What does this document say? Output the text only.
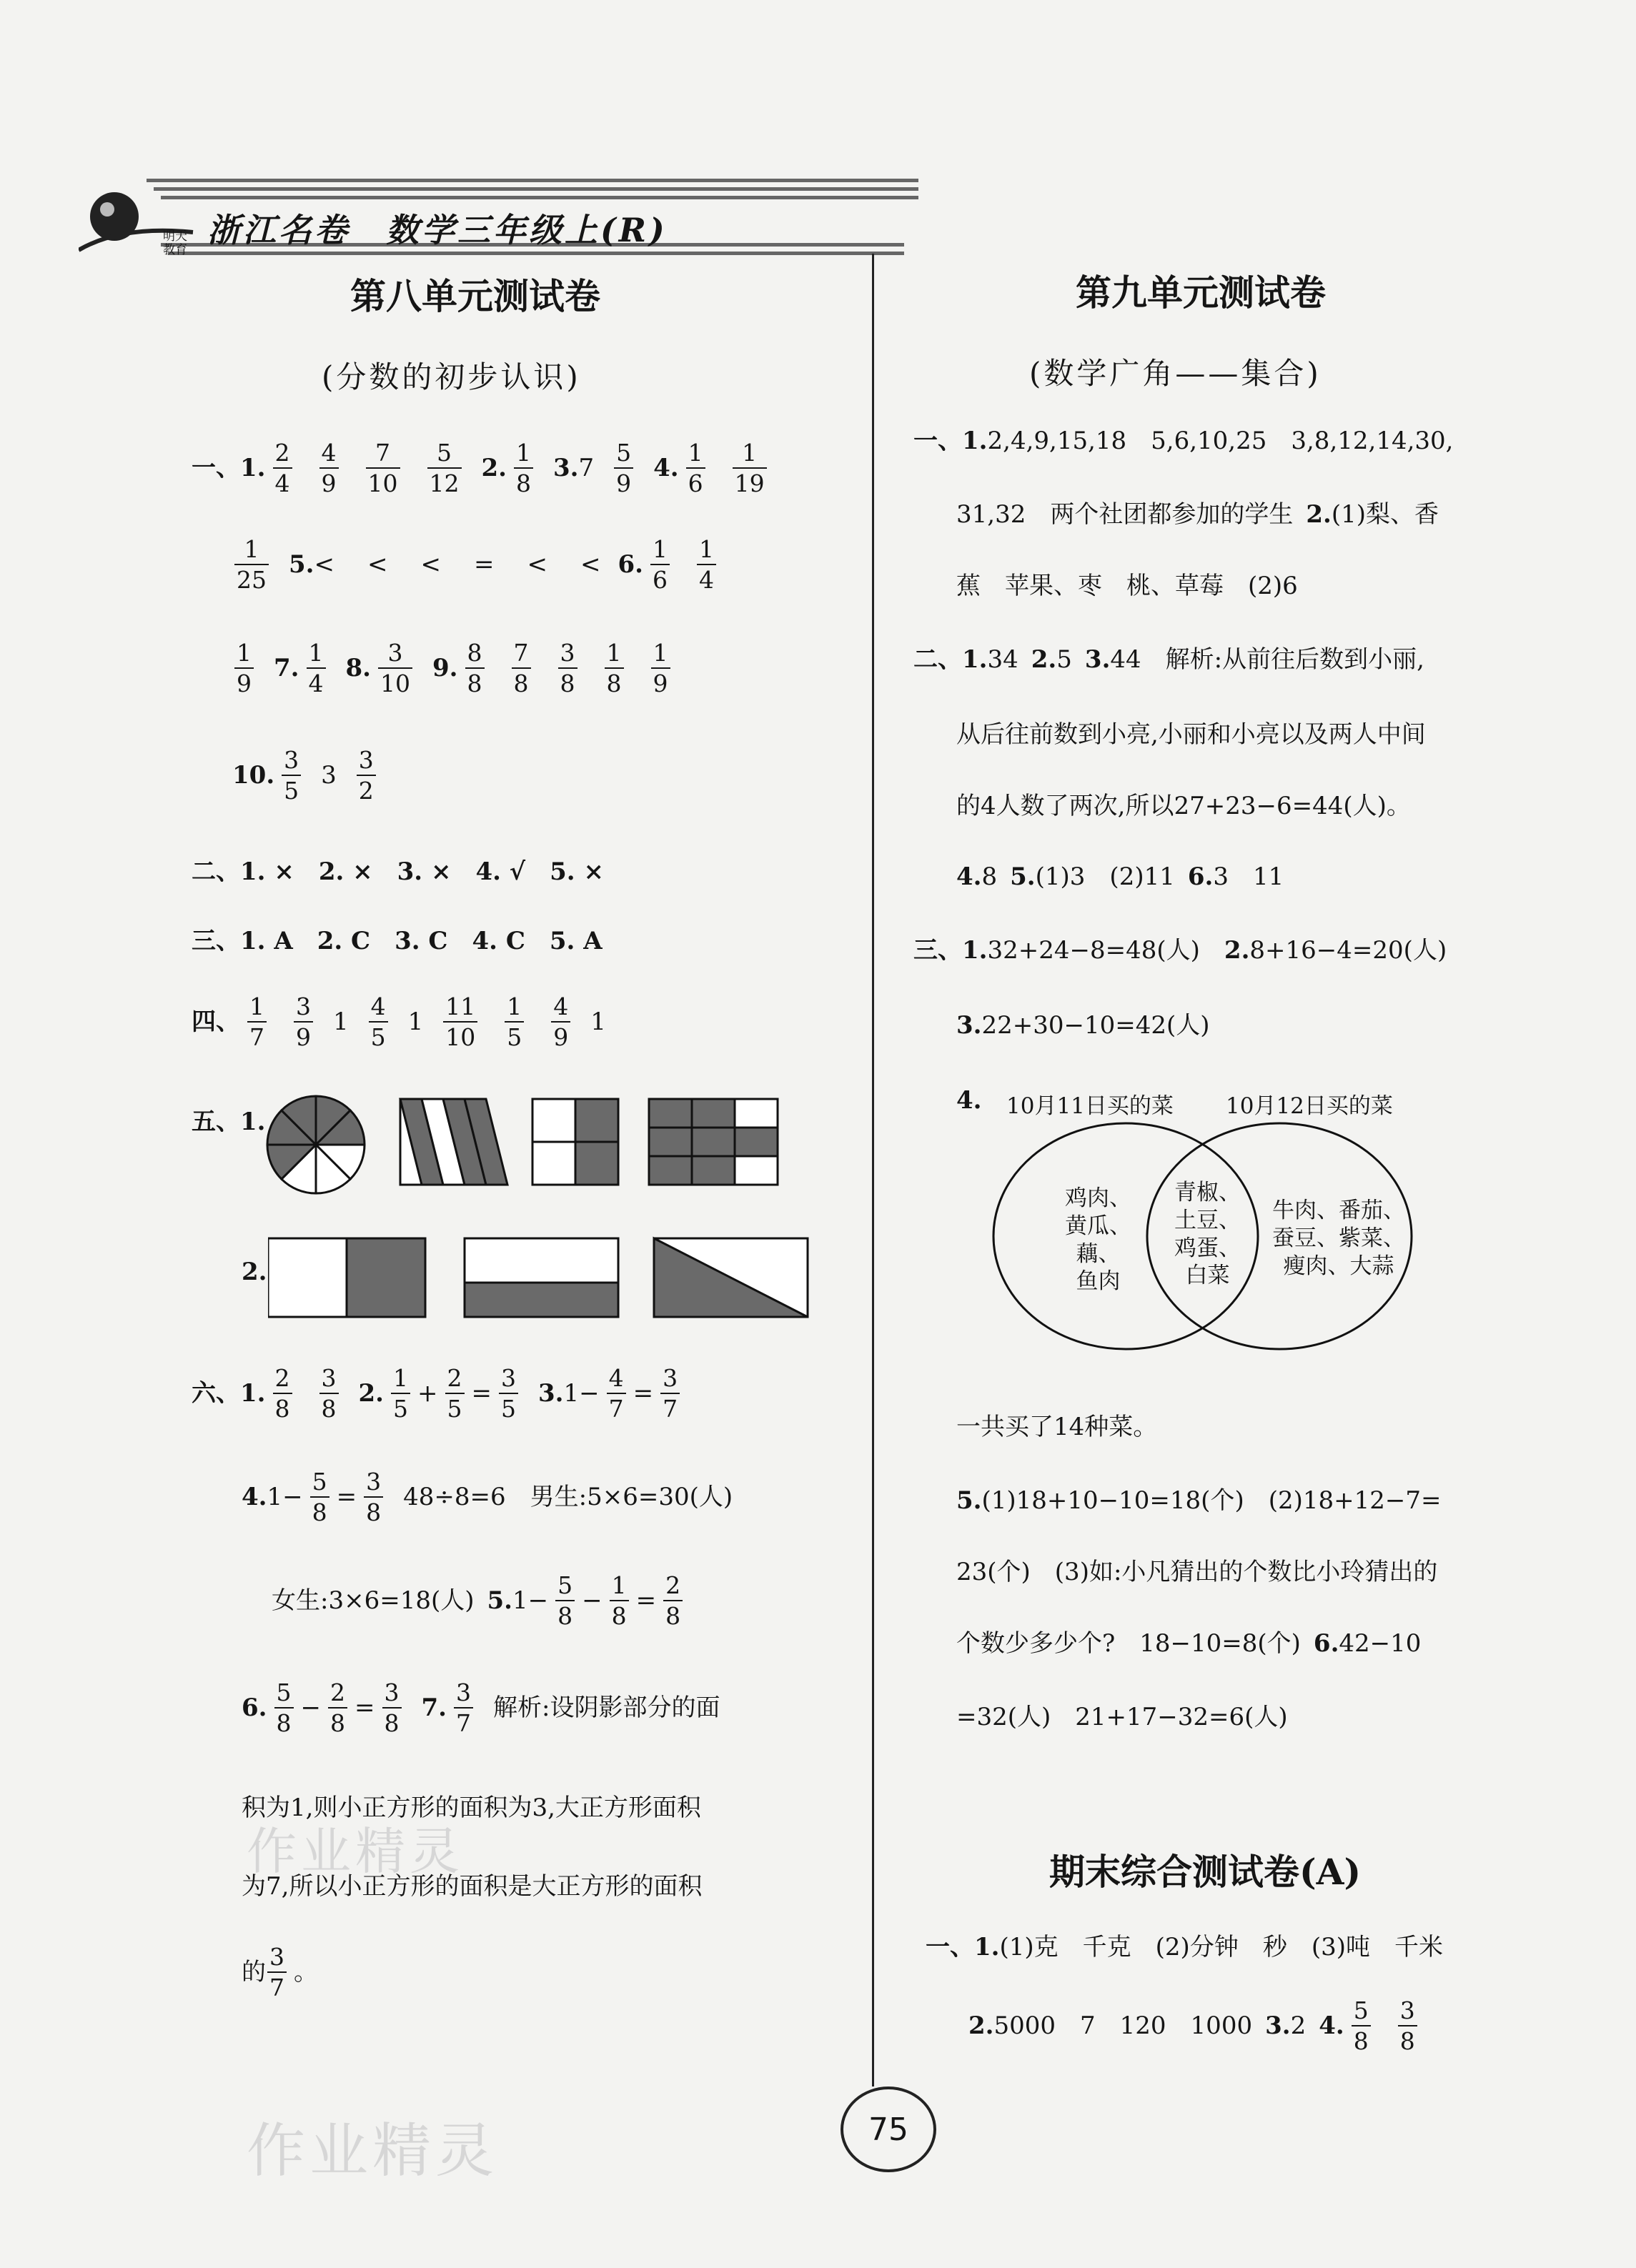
明天教育
浙江名卷　数学三年级上(R)
第八单元测试卷
(分数的初步认识)
一、 1. $\frac{2}{4} \frac{4}{9} \frac{7}{10} \frac{5}{12} 2$. $\frac{1}{8} 3$. $7 \frac{5}{9} 4$. $\frac{1}{6} \frac{1}{19}$
$\frac{1}{25} 5$. <　<　<　=　<　< 6. $\frac{1}{6} \frac{1}{4}$
$\frac{1}{9} 7$. $\frac{1}{4} 8$. $\frac{3}{10} 9$. $\frac{8}{8} \frac{7}{8} \frac{3}{8} \frac{1}{8} \frac{1}{9}$
10. $\frac{3}{5} 3 \frac{3}{2}$
二、 1. ×　2. ×　3. ×　4. √　5. ×
三、 1. A　2. C　3. C　4. C　5. A
四、 $\frac{1}{7} \frac{3}{9} 1 \frac{4}{5} 1 \frac{11}{10} \frac{1}{5} \frac{4}{9} 1$
五、 1.
2.
六、 1. $\frac{2}{8} \frac{3}{8} 2$. $\frac{1}{5} + \frac{2}{5} = \frac{3}{5} 3$. $1- \frac{4}{7} = \frac{3}{7}$
4. $1- \frac{5}{8} = \frac{3}{8} 48\div 8=6$　男生:5×6=30(人)
女生:3×6=18(人) 5. $1- \frac{5}{8} - \frac{1}{8} = \frac{2}{8}$
6. $\frac{5}{8} - \frac{2}{8} = \frac{3}{8} 7$. $\frac{3}{7}$ 解析:设阴影部分的面
积为1,则小正方形的面积为3,大正方形面积
为7,所以小正方形的面积是大正方形的面积
的 $\frac{3}{7}$ 。
第九单元测试卷
(数学广角——集合)
一、 1. 2,4,9,15,18　5,6,10,25　3,8,12,14,30,
31,32　两个社团都参加的学生 2. (1)梨、香
蕉　苹果、枣　桃、草莓　(2)6
二、 1. 34 2. 5 3. 44　解析:从前往后数到小丽,
从后往前数到小亮,小丽和小亮以及两人中间
的4人数了两次,所以27+23−6=44(人)。
4. 8 5. (1)3　(2)11 6. 3　11
三、 1. 32+24−8=48(人) 2. 8+16−4=20(人)
3. 22+30−10=42(人)
4. 10月11日买的菜 10月12日买的菜
鸡肉、
黄瓜、
藕、
鱼肉
青椒、
土豆、
鸡蛋、
白菜
牛肉、番茄、
蚕豆、紫菜、
瘦肉、大蒜
一共买了14种菜。
5. (1)18+10−10=18(个)　(2)18+12−7=
23(个)　(3)如:小凡猜出的个数比小玲猜出的
个数少多少个?　18−10=8(个) 6. 42−10
=32(人)　21+17−32=6(人)
期末综合测试卷(A)
一、 1. (1)克　千克　(2)分钟　秒　(3)吨　千米
2. 5000　7　120　1000 3. 2 4. $\frac{5}{8} \frac{3}{8}$
作业精灵
作业精灵	75
